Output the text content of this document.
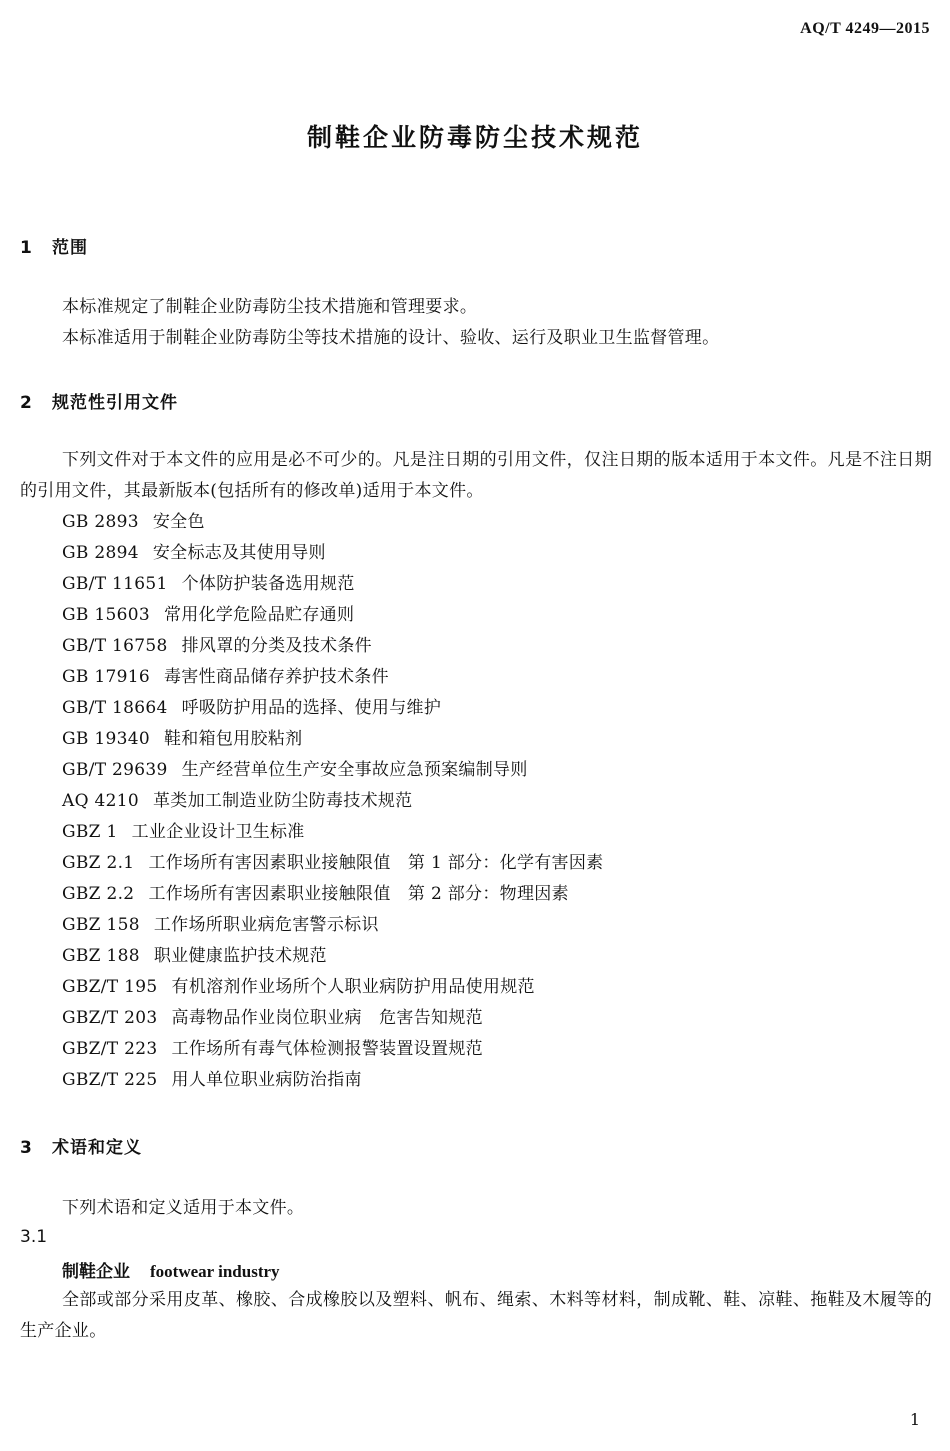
AQ/T 4249—2015
制鞋企业防毒防尘技术规范
1 范围
本标准规定了制鞋企业防毒防尘技术措施和管理要求。
本标准适用于制鞋企业防毒防尘等技术措施的设计、验收、运行及职业卫生监督管理。
2 规范性引用文件
下列文件对于本文件的应用是必不可少的。凡是注日期的引用文件，仅注日期的版本适用于本文件。凡是不注日期的引用文件，其最新版本(包括所有的修改单)适用于本文件。
GB 2893 安全色
GB 2894 安全标志及其使用导则
GB/T 11651 个体防护装备选用规范
GB 15603 常用化学危险品贮存通则
GB/T 16758 排风罩的分类及技术条件
GB 17916 毒害性商品储存养护技术条件
GB/T 18664 呼吸防护用品的选择、使用与维护
GB 19340 鞋和箱包用胶粘剂
GB/T 29639 生产经营单位生产安全事故应急预案编制导则
AQ 4210 革类加工制造业防尘防毒技术规范
GBZ 1 工业企业设计卫生标准
GBZ 2.1 工作场所有害因素职业接触限值　第 1 部分：化学有害因素
GBZ 2.2 工作场所有害因素职业接触限值　第 2 部分：物理因素
GBZ 158 工作场所职业病危害警示标识
GBZ 188 职业健康监护技术规范
GBZ/T 195 有机溶剂作业场所个人职业病防护用品使用规范
GBZ/T 203 高毒物品作业岗位职业病　危害告知规范
GBZ/T 223 工作场所有毒气体检测报警装置设置规范
GBZ/T 225 用人单位职业病防治指南
3 术语和定义
下列术语和定义适用于本文件。
3.1
制鞋企业 footwear industry
全部或部分采用皮革、橡胶、合成橡胶以及塑料、帆布、绳索、木料等材料，制成靴、鞋、凉鞋、拖鞋及木履等的生产企业。
1
